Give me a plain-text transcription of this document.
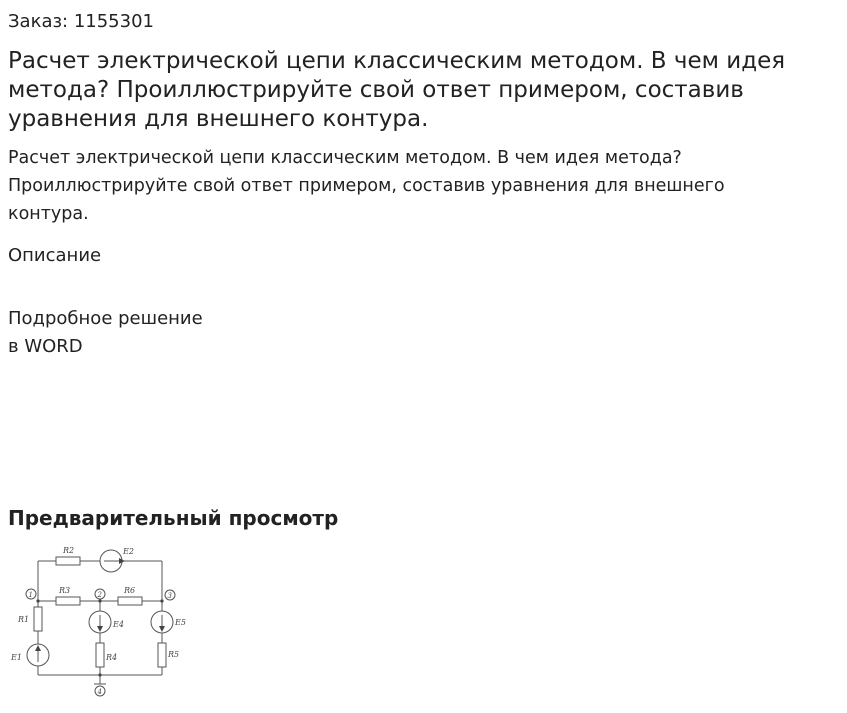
Заказ: 1155301
Расчет электрической цепи классическим методом. В чем идея метода? Проиллюстрируйте свой ответ примером, составив уравнения для внешнего контура.

Расчет электрической цепи классическим методом. В чем идея метода? Проиллюстрируйте свой ответ примером, составив уравнения для внешнего контура.

Описание
Подробное решение
в WORD
Предварительный просмотр
R2	E2
R3	R6
R1
E1
E4
R4
E5
R5
1	2	3
4
